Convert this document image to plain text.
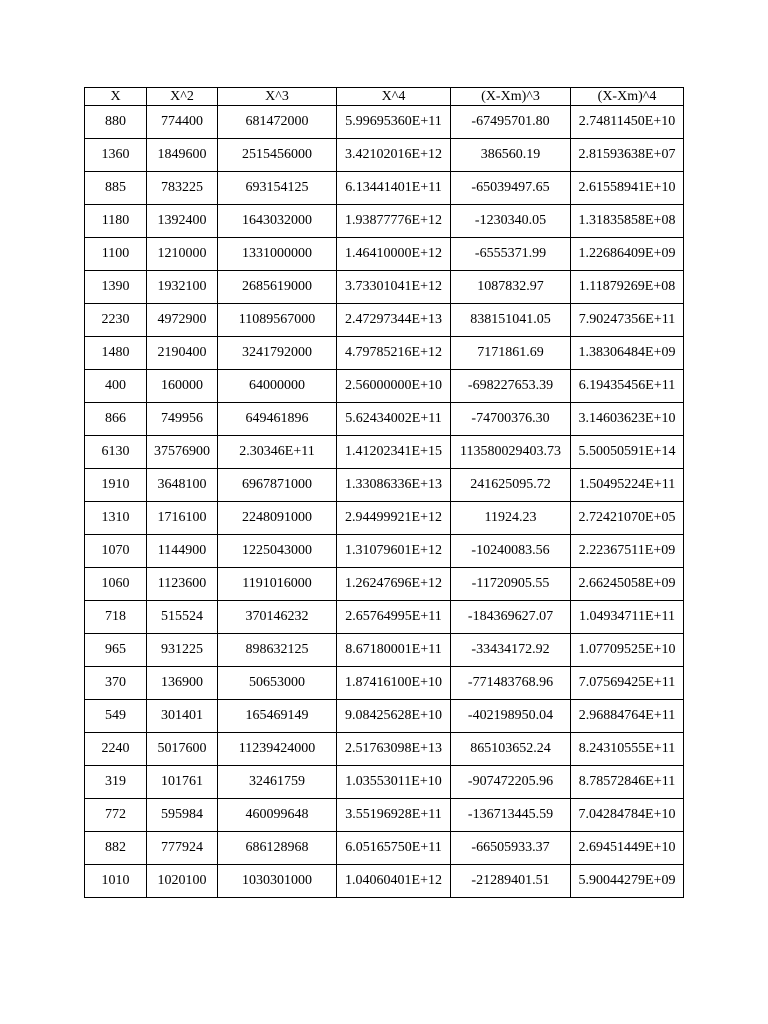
X	X^2	X^3	X^4	(X-Xm)^3	(X-Xm)^4
880	774400	681472000	5.99695360E+11	-67495701.80	2.74811450E+10
1360	1849600	2515456000	3.42102016E+12	386560.19	2.81593638E+07
885	783225	693154125	6.13441401E+11	-65039497.65	2.61558941E+10
1180	1392400	1643032000	1.93877776E+12	-1230340.05	1.31835858E+08
1100	1210000	1331000000	1.46410000E+12	-6555371.99	1.22686409E+09
1390	1932100	2685619000	3.73301041E+12	1087832.97	1.11879269E+08
2230	4972900	11089567000	2.47297344E+13	838151041.05	7.90247356E+11
1480	2190400	3241792000	4.79785216E+12	7171861.69	1.38306484E+09
400	160000	64000000	2.56000000E+10	-698227653.39	6.19435456E+11
866	749956	649461896	5.62434002E+11	-74700376.30	3.14603623E+10
6130	37576900	2.30346E+11	1.41202341E+15	113580029403.73	5.50050591E+14
1910	3648100	6967871000	1.33086336E+13	241625095.72	1.50495224E+11
1310	1716100	2248091000	2.94499921E+12	11924.23	2.72421070E+05
1070	1144900	1225043000	1.31079601E+12	-10240083.56	2.22367511E+09
1060	1123600	1191016000	1.26247696E+12	-11720905.55	2.66245058E+09
718	515524	370146232	2.65764995E+11	-184369627.07	1.04934711E+11
965	931225	898632125	8.67180001E+11	-33434172.92	1.07709525E+10
370	136900	50653000	1.87416100E+10	-771483768.96	7.07569425E+11
549	301401	165469149	9.08425628E+10	-402198950.04	2.96884764E+11
2240	5017600	11239424000	2.51763098E+13	865103652.24	8.24310555E+11
319	101761	32461759	1.03553011E+10	-907472205.96	8.78572846E+11
772	595984	460099648	3.55196928E+11	-136713445.59	7.04284784E+10
882	777924	686128968	6.05165750E+11	-66505933.37	2.69451449E+10
1010	1020100	1030301000	1.04060401E+12	-21289401.51	5.90044279E+09
